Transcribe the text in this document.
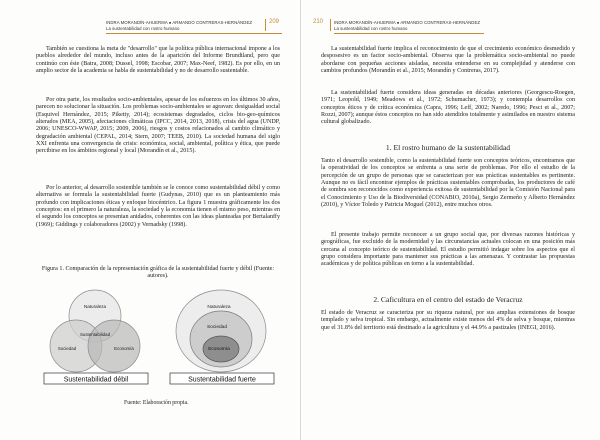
INDRA MORANDÍN-AHUERMA ● ARMANDO CONTRERAS-HERNÁNDEZ
La sustentabilidad con rostro humano
209

También se cuestiona la meta de "desarrollo" que la política pública internacional impone a los pueblos alrededor del mundo, incluso antes de la aparición del Informe Brundtland, pero que continúo con éste (Batra, 2008; Dussel, 1998; Escobar, 2007; Max-Neef, 1982). Es por ello, en un amplio sector de la academia se habla de sustentabilidad y no de desarrollo sustentable.

Por otra parte, los resultados socio-ambientales, apesar de los esfuerzos en los últimos 30 años, parecen no solucionar la situación. Los problemas socio-ambientales se agravan: desigualdad social (Esquivel Hernández, 2015; Piketty, 2014); ecosistemas degradados, ciclos bio-geo-químicos alterados (MEA, 2005), afectaciones climáticas (IPCC, 2014, 2013, 2018), crisis del agua (UNDP, 2006; UNESCO-WWAP, 2015; 2009, 2006), riesgos y costos relacionados al cambio climático y degradación ambiental (CEPAL, 2014; Stern, 2007; TEEB, 2010). La sociedad humana del siglo XXI enfrenta una convergencia de crisis: económica, social, ambiental, política y ética, que puede percibirse en los ámbitos regional y local (Morandín et al., 2015).

Por lo anterior, al desarrollo sostenible también se le conoce como sustentabilidad débil y como alternativa se formula la sustentabilidad fuerte (Gudynas, 2010) que es un planteamiento más profundo con implicaciones éticas y enfoque biocéntrico. La figura 1 muestra gráficamente los dos conceptos: en el primero la naturaleza, la sociedad y la economía tienen el mismo peso, mientras en el segundo los conceptos se presentan anidados, coherentes con las ideas planteadas por Bertalanffy (1969); Giddings y colaboradores (2002) y Vernadsky (1998).

Figura 1. Comparación de la representación gráfica de la sustentabilidad fuerte y débil (Fuente: autores).
Naturaleza
Sustentabilidad
Sociedad	Economía
Sustentabilidad débil
Naturaleza
Sociedad
Economía
Sustentabilidad fuerte
Fuente: Elaboración propia.
210	INDRA MORANDÍN-AHUERMA ● ARMANDO CONTRERAS-HERNÁNDEZ
La sustentabilidad con rostro humano

La sustentabilidad fuerte implica el reconocimiento de que el crecimiento económico desmedido y desposesivo es un factor socio-ambiental. Observa que la problemática socio-ambiental no puede abordarse con pequeñas acciones aisladas, necesita entenderse en su complejidad y atenderse con cambios profundos (Morandín et al., 2015; Morandín y Contreras, 2017).

La sustentabilidad fuerte considera ideas generadas en décadas anteriores (Georgescu-Roegen, 1971; Leopold, 1949; Meadows et al., 1972; Schumacher, 1973); y contempla desarrollos con conceptos éticos y de crítica económica (Capra, 1996; Leff, 2002; Naredo, 1996; Pesci et al., 2007; Rozzi, 2007); aunque éstos conceptos no han sido atendidos totalmente y asimilados en nuestro sistema cultural globalizado.

1. El rostro humano de la sustentabilidad

Tanto el desarrollo sostenible, como la sustentabilidad fuerte son conceptos teóricos, encontramos que la operatividad de los conceptos se enfrenta a una serie de problemas. Por ello el estudio de la percepción de un grupo de personas que se caracterizan por sus prácticas sustentables es pertinente. Aunque no es fácil encontrar ejemplos de prácticas sustentables comprobadas, los productores de café de sombra son reconocidos como experiencia exitosa de sustentabilidad por la Comisión Nacional para el Conocimiento y Uso de la Biodiversidad (CONABIO, 2010a), Sergio Zermeño y Alberto Hernández (2010), y Víctor Toledo y Patricia Moguel (2012), entre muchos otros.

El presente trabajo permite reconocer a un grupo social que, por diversas razones históricas y geográficas, fue excluido de la modernidad y las circunstancias actuales colocan en una posición más cercana al concepto teórico de sustentabilidad. El estudio permitió indagar sobre los aspectos que el grupo considera importante para mantener sus prácticas a las amenazas. Y contrastar las propuestas académicas y de política públicas en torno a la sustentabilidad.

2. Caficultura en el centro del estado de Veracruz

El estado de Veracruz se caracteriza por su riqueza natural, por sus amplias extensiones de bosque templado y selva tropical. Sin embargo, actualmente existe menos del 4% de selva y bosque, mientras que el 31.8% del territorio está destinado a la agricultura y el 44.9% a pastizales (INEGI, 2016).
